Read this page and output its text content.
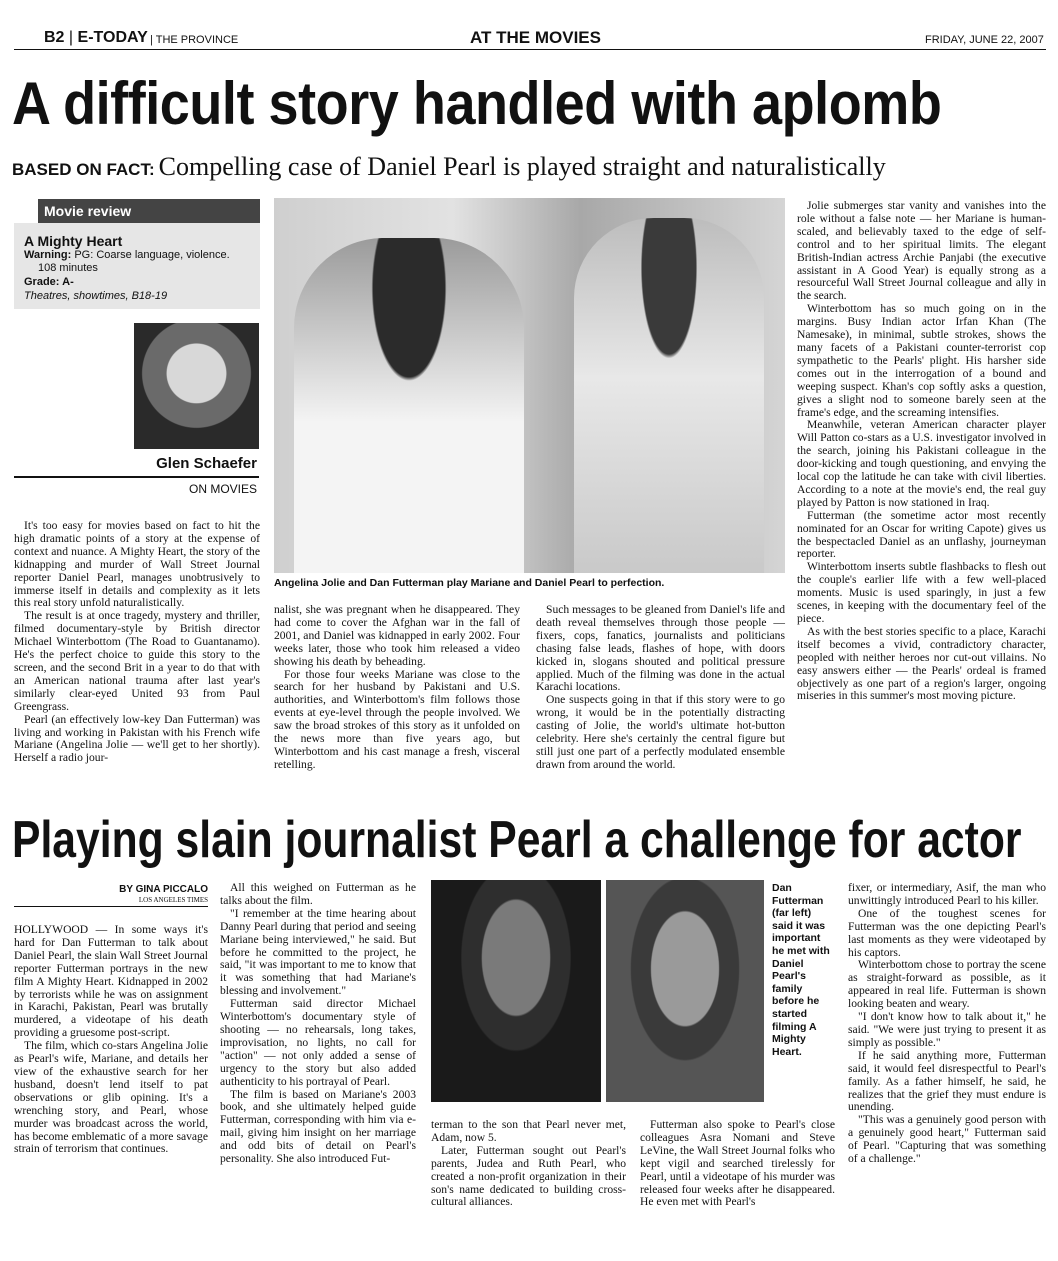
B2 | E-TODAY | THE PROVINCE	AT THE MOVIES	FRIDAY, JUNE 22, 2007
A difficult story handled with aplomb
BASED ON FACT: Compelling case of Daniel Pearl is played straight and naturalistically
Movie review
A Mighty Heart
Warning: PG: Coarse language, violence.
108 minutes
Grade: A-
Theatres, showtimes, B18-19
Glen Schaefer
ON MOVIES
Angelina Jolie and Dan Futterman play Mariane and Daniel Pearl to perfection.

It's too easy for movies based on fact to hit the high dramatic points of a story at the expense of context and nuance. A Mighty Heart, the story of the kidnapping and murder of Wall Street Journal reporter Daniel Pearl, manages unobtrusively to immerse itself in details and complexity as it lets this real story unfold naturalistically.

The result is at once tragedy, mystery and thriller, filmed documentary-style by British director Michael Winterbottom (The Road to Guantanamo). He's the perfect choice to guide this story to the screen, and the second Brit in a year to do that with an American national trauma after last year's similarly clear-eyed United 93 from Paul Greengrass.

Pearl (an effectively low-key Dan Futterman) was living and working in Pakistan with his French wife Mariane (Angelina Jolie — we'll get to her shortly). Herself a radio jour-

nalist, she was pregnant when he disappeared. They had come to cover the Afghan war in the fall of 2001, and Daniel was kidnapped in early 2002. Four weeks later, those who took him released a video showing his death by beheading.

For those four weeks Mariane was close to the search for her husband by Pakistani and U.S. authorities, and Winterbottom's film follows those events at eye-level through the people involved. We saw the broad strokes of this story as it unfolded on the news more than five years ago, but Winterbottom and his cast manage a fresh, visceral retelling.

Such messages to be gleaned from Daniel's life and death reveal themselves through those people — fixers, cops, fanatics, journalists and politicians chasing false leads, flashes of hope, with doors kicked in, slogans shouted and political pressure applied. Much of the filming was done in the actual Karachi locations.

One suspects going in that if this story were to go wrong, it would be in the potentially distracting casting of Jolie, the world's ultimate hot-button celebrity. Here she's certainly the central figure but still just one part of a perfectly modulated ensemble drawn from around the world.

Jolie submerges star vanity and vanishes into the role without a false note — her Mariane is human-scaled, and believably taxed to the edge of self-control and to her spiritual limits. The elegant British-Indian actress Archie Panjabi (the executive assistant in A Good Year) is equally strong as a resourceful Wall Street Journal colleague and ally in the search.

Winterbottom has so much going on in the margins. Busy Indian actor Irfan Khan (The Namesake), in minimal, subtle strokes, shows the many facets of a Pakistani counter-terrorist cop sympathetic to the Pearls' plight. His harsher side comes out in the interrogation of a bound and weeping suspect. Khan's cop softly asks a question, gives a slight nod to someone barely seen at the frame's edge, and the screaming intensifies.

Meanwhile, veteran American character player Will Patton co-stars as a U.S. investigator involved in the search, joining his Pakistani colleague in the door-kicking and tough questioning, and envying the local cop the latitude he can take with civil liberties. According to a note at the movie's end, the real guy played by Patton is now stationed in Iraq.

Futterman (the sometime actor most recently nominated for an Oscar for writing Capote) gives us the bespectacled Daniel as an unflashy, journeyman reporter.

Winterbottom inserts subtle flashbacks to flesh out the couple's earlier life with a few well-placed moments. Music is used sparingly, in just a few scenes, in keeping with the documentary feel of the piece.

As with the best stories specific to a place, Karachi itself becomes a vivid, contradictory character, peopled with neither heroes nor cut-out villains. No easy answers either — the Pearls' ordeal is framed objectively as one part of a region's larger, ongoing miseries in this summer's most moving picture.

Playing slain journalist Pearl a challenge for actor
BY GINA PICCALO
LOS ANGELES TIMES

HOLLYWOOD — In some ways it's hard for Dan Futterman to talk about Daniel Pearl, the slain Wall Street Journal reporter Futterman portrays in the new film A Mighty Heart. Kidnapped in 2002 by terrorists while he was on assignment in Karachi, Pakistan, Pearl was brutally murdered, a videotape of his death providing a gruesome post-script.

The film, which co-stars Angelina Jolie as Pearl's wife, Mariane, and details her view of the exhaustive search for her husband, doesn't lend itself to pat observations or glib opining. It's a wrenching story, and Pearl, whose murder was broadcast across the world, has become emblematic of a more savage strain of terrorism that continues.

All this weighed on Futterman as he talks about the film.

"I remember at the time hearing about Danny Pearl during that period and seeing Mariane being interviewed," he said. But before he committed to the project, he said, "it was important to me to know that it was something that had Mariane's blessing and involvement."

Futterman said director Michael Winterbottom's documentary style of shooting — no rehearsals, long takes, improvisation, no lights, no call for "action" — not only added a sense of urgency to the story but also added authenticity to his portrayal of Pearl.

The film is based on Mariane's 2003 book, and she ultimately helped guide Futterman, corresponding with him via e-mail, giving him insight on her marriage and odd bits of detail on Pearl's personality. She also introduced Fut-

Dan Futterman (far left) said it was important he met with Daniel Pearl's family before he started filming A Mighty Heart.

terman to the son that Pearl never met, Adam, now 5.

Later, Futterman sought out Pearl's parents, Judea and Ruth Pearl, who created a non-profit organization in their son's name dedicated to building cross-cultural alliances.

Futterman also spoke to Pearl's close colleagues Asra Nomani and Steve LeVine, the Wall Street Journal folks who kept vigil and searched tirelessly for Pearl, until a videotape of his murder was released four weeks after he disappeared. He even met with Pearl's

fixer, or intermediary, Asif, the man who unwittingly introduced Pearl to his killer.

One of the toughest scenes for Futterman was the one depicting Pearl's last moments as they were videotaped by his captors.

Winterbottom chose to portray the scene as straight-forward as possible, as it appeared in real life. Futterman is shown looking beaten and weary.

"I don't know how to talk about it," he said. "We were just trying to present it as simply as possible."

If he said anything more, Futterman said, it would feel disrespectful to Pearl's family. As a father himself, he said, he realizes that the grief they must endure is unending.

"This was a genuinely good person with a genuinely good heart," Futterman said of Pearl. "Capturing that was something of a challenge."
